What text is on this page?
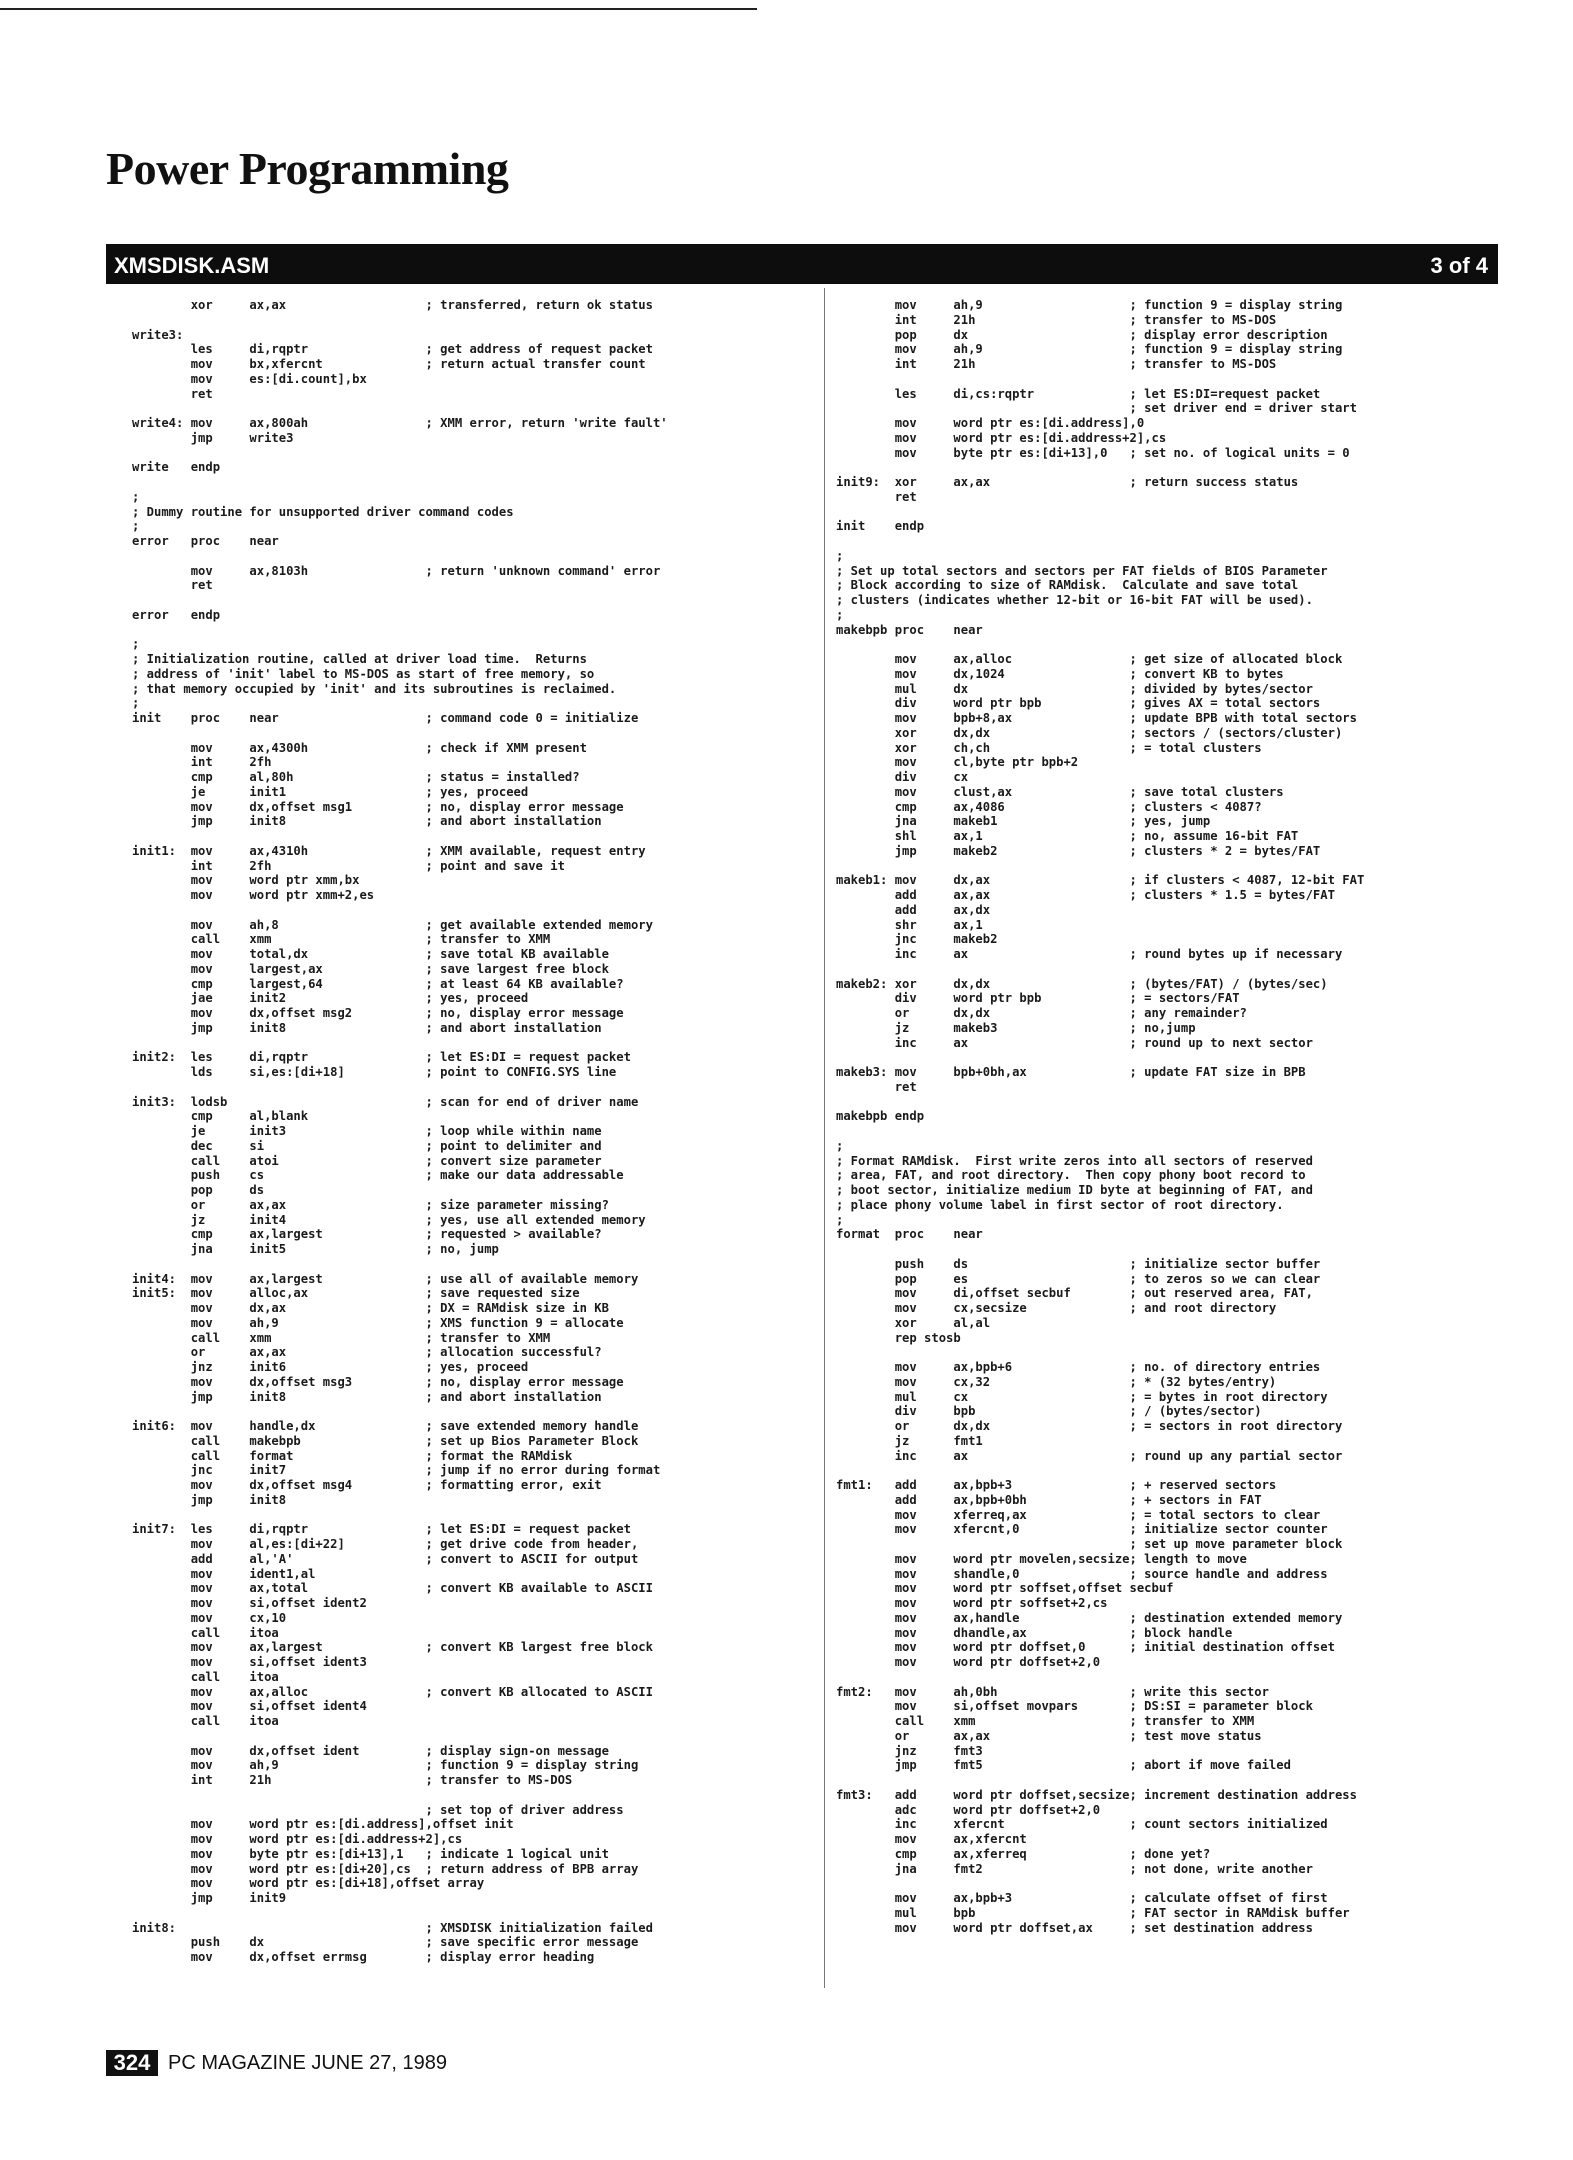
Power Programming
XMSDISK.ASM	3 of 4
xor     ax,ax                   ; transferred, return ok status

write3:
les     di,rqptr                ; get address of request packet
mov     bx,xfercnt              ; return actual transfer count
mov     es:[di.count],bx
ret

write4: mov     ax,800ah                ; XMM error, return 'write fault'
jmp     write3

write   endp

;
; Dummy routine for unsupported driver command codes
;
error   proc    near

mov     ax,8103h                ; return 'unknown command' error
ret

error   endp

;
; Initialization routine, called at driver load time.  Returns
; address of 'init' label to MS-DOS as start of free memory, so
; that memory occupied by 'init' and its subroutines is reclaimed.
;
init    proc    near                    ; command code 0 = initialize

mov     ax,4300h                ; check if XMM present
int     2fh
cmp     al,80h                  ; status = installed?
je      init1                   ; yes, proceed
mov     dx,offset msg1          ; no, display error message
jmp     init8                   ; and abort installation

init1:  mov     ax,4310h                ; XMM available, request entry
int     2fh                     ; point and save it
mov     word ptr xmm,bx
mov     word ptr xmm+2,es

mov     ah,8                    ; get available extended memory
call    xmm                     ; transfer to XMM
mov     total,dx                ; save total KB available
mov     largest,ax              ; save largest free block
cmp     largest,64              ; at least 64 KB available?
jae     init2                   ; yes, proceed
mov     dx,offset msg2          ; no, display error message
jmp     init8                   ; and abort installation

init2:  les     di,rqptr                ; let ES:DI = request packet
lds     si,es:[di+18]           ; point to CONFIG.SYS line

init3:  lodsb                           ; scan for end of driver name
cmp     al,blank
je      init3                   ; loop while within name
dec     si                      ; point to delimiter and
call    atoi                    ; convert size parameter
push    cs                      ; make our data addressable
pop     ds
or      ax,ax                   ; size parameter missing?
jz      init4                   ; yes, use all extended memory
cmp     ax,largest              ; requested > available?
jna     init5                   ; no, jump

init4:  mov     ax,largest              ; use all of available memory
init5:  mov     alloc,ax                ; save requested size
mov     dx,ax                   ; DX = RAMdisk size in KB
mov     ah,9                    ; XMS function 9 = allocate
call    xmm                     ; transfer to XMM
or      ax,ax                   ; allocation successful?
jnz     init6                   ; yes, proceed
mov     dx,offset msg3          ; no, display error message
jmp     init8                   ; and abort installation

init6:  mov     handle,dx               ; save extended memory handle
call    makebpb                 ; set up Bios Parameter Block
call    format                  ; format the RAMdisk
jnc     init7                   ; jump if no error during format
mov     dx,offset msg4          ; formatting error, exit
jmp     init8

init7:  les     di,rqptr                ; let ES:DI = request packet
mov     al,es:[di+22]           ; get drive code from header,
add     al,'A'                  ; convert to ASCII for output
mov     ident1,al
mov     ax,total                ; convert KB available to ASCII
mov     si,offset ident2
mov     cx,10
call    itoa
mov     ax,largest              ; convert KB largest free block
mov     si,offset ident3
call    itoa
mov     ax,alloc                ; convert KB allocated to ASCII
mov     si,offset ident4
call    itoa

mov     dx,offset ident         ; display sign-on message
mov     ah,9                    ; function 9 = display string
int     21h                     ; transfer to MS-DOS

; set top of driver address
mov     word ptr es:[di.address],offset init
mov     word ptr es:[di.address+2],cs
mov     byte ptr es:[di+13],1   ; indicate 1 logical unit
mov     word ptr es:[di+20],cs  ; return address of BPB array
mov     word ptr es:[di+18],offset array
jmp     init9

init8:                                  ; XMSDISK initialization failed
push    dx                      ; save specific error message
mov     dx,offset errmsg        ; display error heading
mov     ah,9                    ; function 9 = display string
int     21h                     ; transfer to MS-DOS
pop     dx                      ; display error description
mov     ah,9                    ; function 9 = display string
int     21h                     ; transfer to MS-DOS

les     di,cs:rqptr             ; let ES:DI=request packet
; set driver end = driver start
mov     word ptr es:[di.address],0
mov     word ptr es:[di.address+2],cs
mov     byte ptr es:[di+13],0   ; set no. of logical units = 0

init9:  xor     ax,ax                   ; return success status
ret

init    endp

;
; Set up total sectors and sectors per FAT fields of BIOS Parameter
; Block according to size of RAMdisk.  Calculate and save total
; clusters (indicates whether 12-bit or 16-bit FAT will be used).
;
makebpb proc    near

mov     ax,alloc                ; get size of allocated block
mov     dx,1024                 ; convert KB to bytes
mul     dx                      ; divided by bytes/sector
div     word ptr bpb            ; gives AX = total sectors
mov     bpb+8,ax                ; update BPB with total sectors
xor     dx,dx                   ; sectors / (sectors/cluster)
xor     ch,ch                   ; = total clusters
mov     cl,byte ptr bpb+2
div     cx
mov     clust,ax                ; save total clusters
cmp     ax,4086                 ; clusters < 4087?
jna     makeb1                  ; yes, jump
shl     ax,1                    ; no, assume 16-bit FAT
jmp     makeb2                  ; clusters * 2 = bytes/FAT

makeb1: mov     dx,ax                   ; if clusters < 4087, 12-bit FAT
add     ax,ax                   ; clusters * 1.5 = bytes/FAT
add     ax,dx
shr     ax,1
jnc     makeb2
inc     ax                      ; round bytes up if necessary

makeb2: xor     dx,dx                   ; (bytes/FAT) / (bytes/sec)
div     word ptr bpb            ; = sectors/FAT
or      dx,dx                   ; any remainder?
jz      makeb3                  ; no,jump
inc     ax                      ; round up to next sector

makeb3: mov     bpb+0bh,ax              ; update FAT size in BPB
ret

makebpb endp

;
; Format RAMdisk.  First write zeros into all sectors of reserved
; area, FAT, and root directory.  Then copy phony boot record to
; boot sector, initialize medium ID byte at beginning of FAT, and
; place phony volume label in first sector of root directory.
;
format  proc    near

push    ds                      ; initialize sector buffer
pop     es                      ; to zeros so we can clear
mov     di,offset secbuf        ; out reserved area, FAT,
mov     cx,secsize              ; and root directory
xor     al,al
rep stosb

mov     ax,bpb+6                ; no. of directory entries
mov     cx,32                   ; * (32 bytes/entry)
mul     cx                      ; = bytes in root directory
div     bpb                     ; / (bytes/sector)
or      dx,dx                   ; = sectors in root directory
jz      fmt1
inc     ax                      ; round up any partial sector

fmt1:   add     ax,bpb+3                ; + reserved sectors
add     ax,bpb+0bh              ; + sectors in FAT
mov     xferreq,ax              ; = total sectors to clear
mov     xfercnt,0               ; initialize sector counter
; set up move parameter block
mov     word ptr movelen,secsize; length to move
mov     shandle,0               ; source handle and address
mov     word ptr soffset,offset secbuf
mov     word ptr soffset+2,cs
mov     ax,handle               ; destination extended memory
mov     dhandle,ax              ; block handle
mov     word ptr doffset,0      ; initial destination offset
mov     word ptr doffset+2,0

fmt2:   mov     ah,0bh                  ; write this sector
mov     si,offset movpars       ; DS:SI = parameter block
call    xmm                     ; transfer to XMM
or      ax,ax                   ; test move status
jnz     fmt3
jmp     fmt5                    ; abort if move failed

fmt3:   add     word ptr doffset,secsize; increment destination address
adc     word ptr doffset+2,0
inc     xfercnt                 ; count sectors initialized
mov     ax,xfercnt
cmp     ax,xferreq              ; done yet?
jna     fmt2                    ; not done, write another

mov     ax,bpb+3                ; calculate offset of first
mul     bpb                     ; FAT sector in RAMdisk buffer
mov     word ptr doffset,ax     ; set destination address
324 PC MAGAZINE JUNE 27, 1989
